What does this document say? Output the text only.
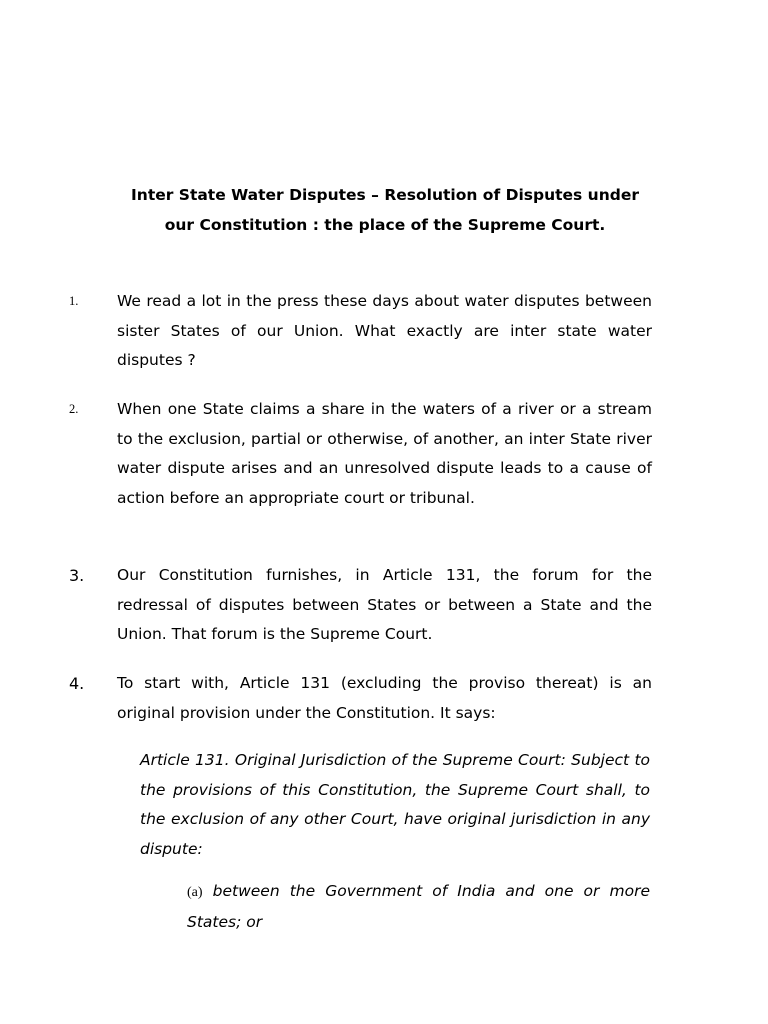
Inter State Water Disputes – Resolution of Disputes under our Constitution : the place of the Supreme Court.
1.	We read a lot in the press these days about water disputes between sister States of our Union. What exactly are inter state water disputes ?
2.	When one State claims a share in the waters of a river or a stream to the exclusion, partial or otherwise, of another, an inter State river water dispute arises and an unresolved dispute leads to a cause of action before an appropriate court or tribunal.
3.	Our Constitution furnishes, in Article 131, the forum for the redressal of disputes between States or between a State and the Union. That forum is the Supreme Court.
4.	To start with, Article 131 (excluding the proviso thereat) is an original provision under the Constitution. It says:
Article 131. Original Jurisdiction of the Supreme Court: Subject to the provisions of this Constitution, the Supreme Court shall, to the exclusion of any other Court, have original jurisdiction in any dispute:
(a) between the Government of India and one or more States; or
